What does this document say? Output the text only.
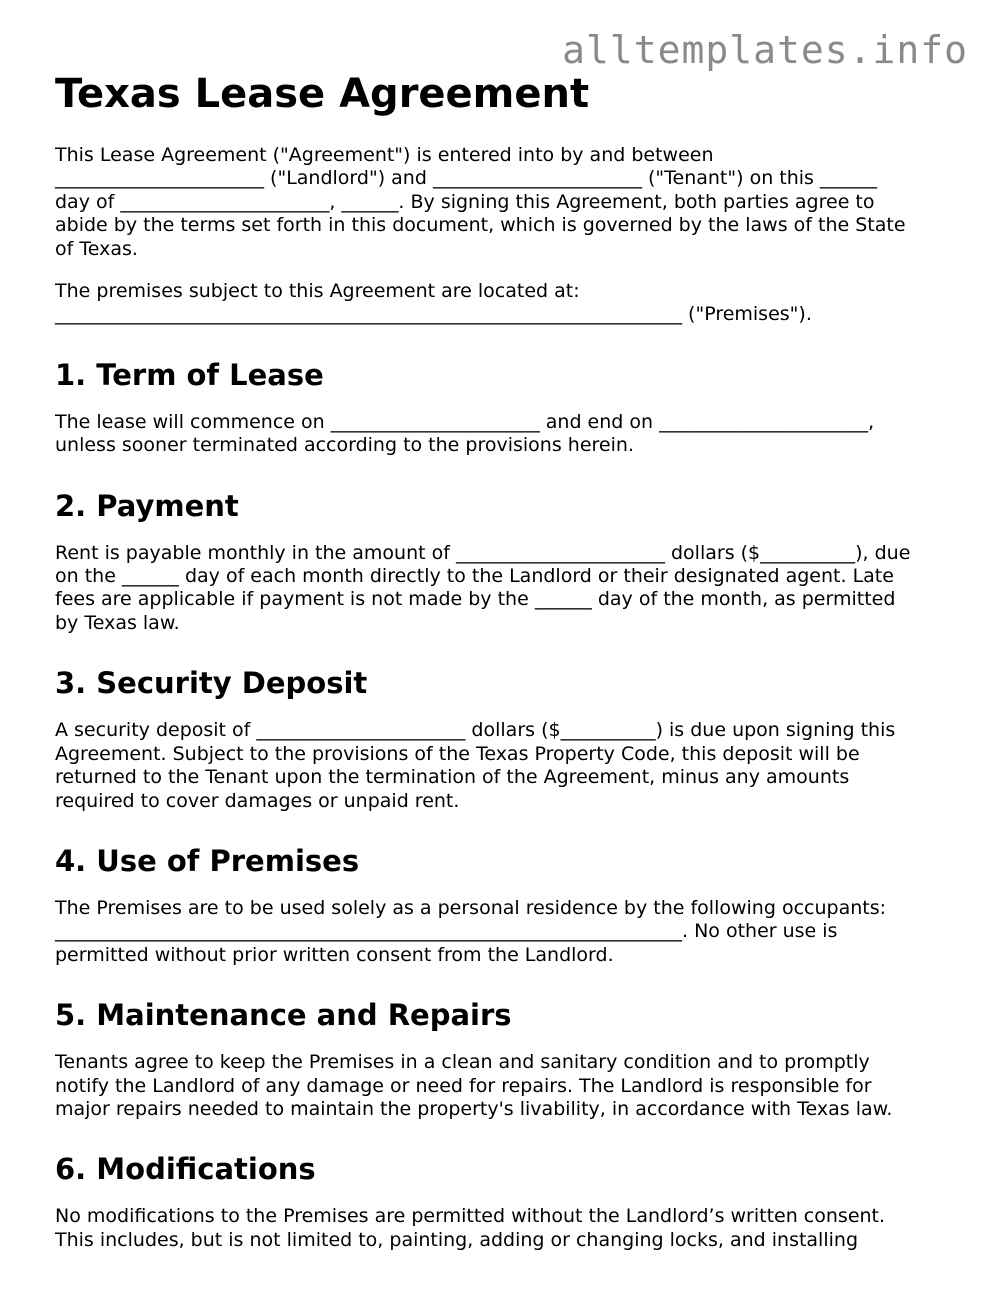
alltemplates.info
Texas Lease Agreement

This Lease Agreement ("Agreement") is entered into by and between
______________________ ("Landlord") and ______________________ ("Tenant") on this ______
day of ______________________, ______. By signing this Agreement, both parties agree to
abide by the terms set forth in this document, which is governed by the laws of the State
of Texas.

The premises subject to this Agreement are located at:
__________________________________________________________________ ("Premises").

1. Term of Lease

The lease will commence on ______________________ and end on ______________________,
unless sooner terminated according to the provisions herein.

2. Payment

Rent is payable monthly in the amount of ______________________ dollars ($__________), due
on the ______ day of each month directly to the Landlord or their designated agent. Late
fees are applicable if payment is not made by the ______ day of the month, as permitted
by Texas law.

3. Security Deposit

A security deposit of ______________________ dollars ($__________) is due upon signing this
Agreement. Subject to the provisions of the Texas Property Code, this deposit will be
returned to the Tenant upon the termination of the Agreement, minus any amounts
required to cover damages or unpaid rent.

4. Use of Premises

The Premises are to be used solely as a personal residence by the following occupants:
__________________________________________________________________. No other use is
permitted without prior written consent from the Landlord.

5. Maintenance and Repairs

Tenants agree to keep the Premises in a clean and sanitary condition and to promptly
notify the Landlord of any damage or need for repairs. The Landlord is responsible for
major repairs needed to maintain the property's livability, in accordance with Texas law.

6. Modifications

No modifications to the Premises are permitted without the Landlord’s written consent.
This includes, but is not limited to, painting, adding or changing locks, and installing
